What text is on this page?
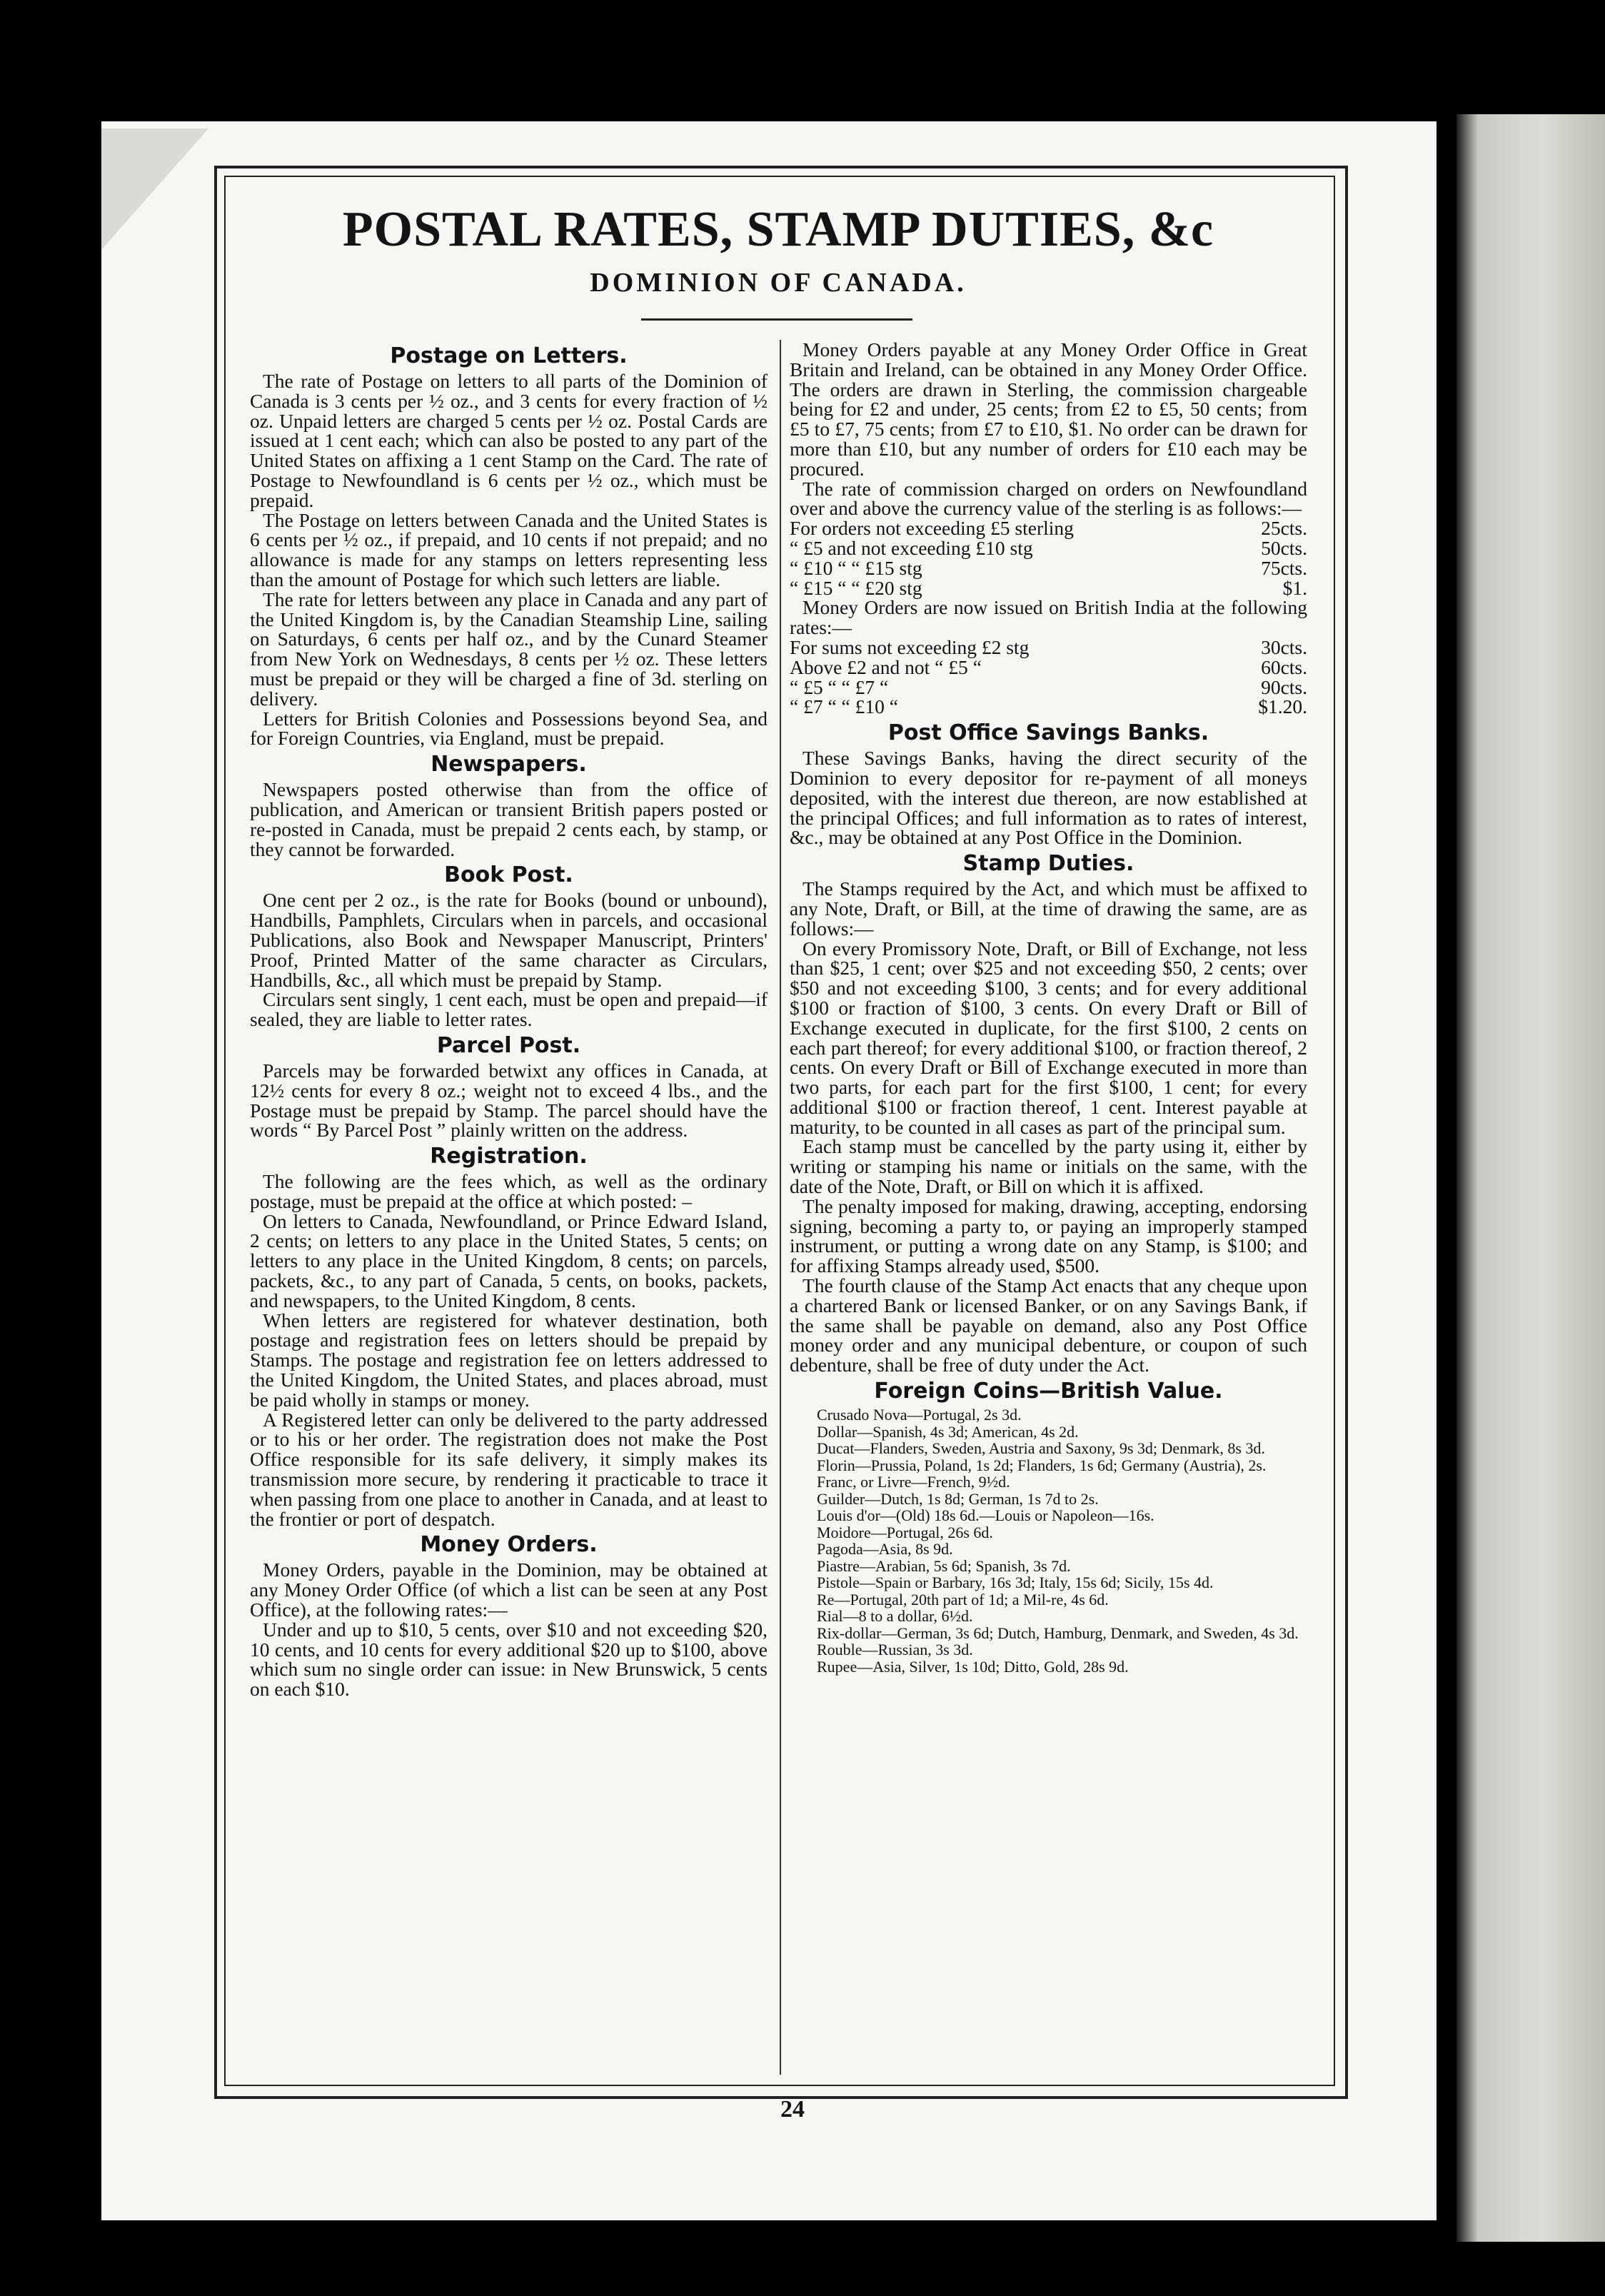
POSTAL RATES, STAMP DUTIES, &c
DOMINION OF CANADA.
Postage on Letters.

The rate of Postage on letters to all parts of the Dominion of Canada is 3 cents per ½ oz., and 3 cents for every fraction of ½ oz. Unpaid letters are charged 5 cents per ½ oz. Postal Cards are issued at 1 cent each; which can also be posted to any part of the United States on affixing a 1 cent Stamp on the Card. The rate of Postage to Newfoundland is 6 cents per ½ oz., which must be prepaid.

The Postage on letters between Canada and the United States is 6 cents per ½ oz., if prepaid, and 10 cents if not prepaid; and no allowance is made for any stamps on letters representing less than the amount of Postage for which such letters are liable.

The rate for letters between any place in Canada and any part of the United Kingdom is, by the Canadian Steamship Line, sailing on Saturdays, 6 cents per half oz., and by the Cunard Steamer from New York on Wednesdays, 8 cents per ½ oz. These letters must be prepaid or they will be charged a fine of 3d. sterling on delivery.

Letters for British Colonies and Possessions beyond Sea, and for Foreign Countries, via England, must be prepaid.

Newspapers.

Newspapers posted otherwise than from the office of publication, and American or transient British papers posted or re-posted in Canada, must be prepaid 2 cents each, by stamp, or they cannot be forwarded.

Book Post.

One cent per 2 oz., is the rate for Books (bound or unbound), Handbills, Pamphlets, Circulars when in parcels, and occasional Publications, also Book and Newspaper Manuscript, Printers' Proof, Printed Matter of the same character as Circulars, Handbills, &c., all which must be prepaid by Stamp.

Circulars sent singly, 1 cent each, must be open and prepaid—if sealed, they are liable to letter rates.

Parcel Post.

Parcels may be forwarded betwixt any offices in Canada, at 12½ cents for every 8 oz.; weight not to exceed 4 lbs., and the Postage must be prepaid by Stamp. The parcel should have the words “ By Parcel Post ” plainly written on the address.

Registration.

The following are the fees which, as well as the ordinary postage, must be prepaid at the office at which posted: –

On letters to Canada, Newfoundland, or Prince Edward Island, 2 cents; on letters to any place in the United States, 5 cents; on letters to any place in the United Kingdom, 8 cents; on parcels, packets, &c., to any part of Canada, 5 cents, on books, packets, and newspapers, to the United Kingdom, 8 cents.

When letters are registered for whatever destination, both postage and registration fees on letters should be prepaid by Stamps. The postage and registration fee on letters addressed to the United Kingdom, the United States, and places abroad, must be paid wholly in stamps or money.

A Registered letter can only be delivered to the party addressed or to his or her order. The registration does not make the Post Office responsible for its safe delivery, it simply makes its transmission more secure, by rendering it practicable to trace it when passing from one place to another in Canada, and at least to the frontier or port of despatch.

Money Orders.

Money Orders, payable in the Dominion, may be obtained at any Money Order Office (of which a list can be seen at any Post Office), at the following rates:—

Under and up to $10, 5 cents, over $10 and not exceeding $20, 10 cents, and 10 cents for every additional $20 up to $100, above which sum no single order can issue: in New Brunswick, 5 cents on each $10.

Money Orders payable at any Money Order Office in Great Britain and Ireland, can be obtained in any Money Order Office. The orders are drawn in Sterling, the commission chargeable being for £2 and under, 25 cents; from £2 to £5, 50 cents; from £5 to £7, 75 cents; from £7 to £10, $1. No order can be drawn for more than £10, but any number of orders for £10 each may be procured.

The rate of commission charged on orders on Newfoundland over and above the currency value of the sterling is as follows:—

For orders not exceeding £5 sterling	25cts.
“ £5 and not exceeding £10 stg	50cts.
“ £10 “ “ £15 stg	75cts.
“ £15 “ “ £20 stg	$1.

Money Orders are now issued on British India at the following rates:—

For sums not exceeding £2 stg	30cts.
Above £2 and not “ £5 “	60cts.
“ £5 “ “ £7 “	90cts.
“ £7 “ “ £10 “	$1.20.
Post Office Savings Banks.

These Savings Banks, having the direct security of the Dominion to every depositor for re-payment of all moneys deposited, with the interest due thereon, are now established at the principal Offices; and full information as to rates of interest, &c., may be obtained at any Post Office in the Dominion.

Stamp Duties.

The Stamps required by the Act, and which must be affixed to any Note, Draft, or Bill, at the time of drawing the same, are as follows:—

On every Promissory Note, Draft, or Bill of Exchange, not less than $25, 1 cent; over $25 and not exceeding $50, 2 cents; over $50 and not exceeding $100, 3 cents; and for every additional $100 or fraction of $100, 3 cents. On every Draft or Bill of Exchange executed in duplicate, for the first $100, 2 cents on each part thereof; for every additional $100, or fraction thereof, 2 cents. On every Draft or Bill of Exchange executed in more than two parts, for each part for the first $100, 1 cent; for every additional $100 or fraction thereof, 1 cent. Interest payable at maturity, to be counted in all cases as part of the principal sum.

Each stamp must be cancelled by the party using it, either by writing or stamping his name or initials on the same, with the date of the Note, Draft, or Bill on which it is affixed.

The penalty imposed for making, drawing, accepting, endorsing signing, becoming a party to, or paying an improperly stamped instrument, or putting a wrong date on any Stamp, is $100; and for affixing Stamps already used, $500.

The fourth clause of the Stamp Act enacts that any cheque upon a chartered Bank or licensed Banker, or on any Savings Bank, if the same shall be payable on demand, also any Post Office money order and any municipal debenture, or coupon of such debenture, shall be free of duty under the Act.

Foreign Coins—British Value.
Crusado Nova—Portugal, 2s 3d.
Dollar—Spanish, 4s 3d; American, 4s 2d.
Ducat—Flanders, Sweden, Austria and Saxony, 9s 3d; Denmark, 8s 3d.
Florin—Prussia, Poland, 1s 2d; Flanders, 1s 6d; Germany (Austria), 2s.
Franc, or Livre—French, 9½d.
Guilder—Dutch, 1s 8d; German, 1s 7d to 2s.
Louis d'or—(Old) 18s 6d.—Louis or Napoleon—16s.
Moidore—Portugal, 26s 6d.
Pagoda—Asia, 8s 9d.
Piastre—Arabian, 5s 6d; Spanish, 3s 7d.
Pistole—Spain or Barbary, 16s 3d; Italy, 15s 6d; Sicily, 15s 4d.
Re—Portugal, 20th part of 1d; a Mil-re, 4s 6d.
Rial—8 to a dollar, 6½d.
Rix-dollar—German, 3s 6d; Dutch, Hamburg, Denmark, and Sweden, 4s 3d.
Rouble—Russian, 3s 3d.
Rupee—Asia, Silver, 1s 10d; Ditto, Gold, 28s 9d.
24
